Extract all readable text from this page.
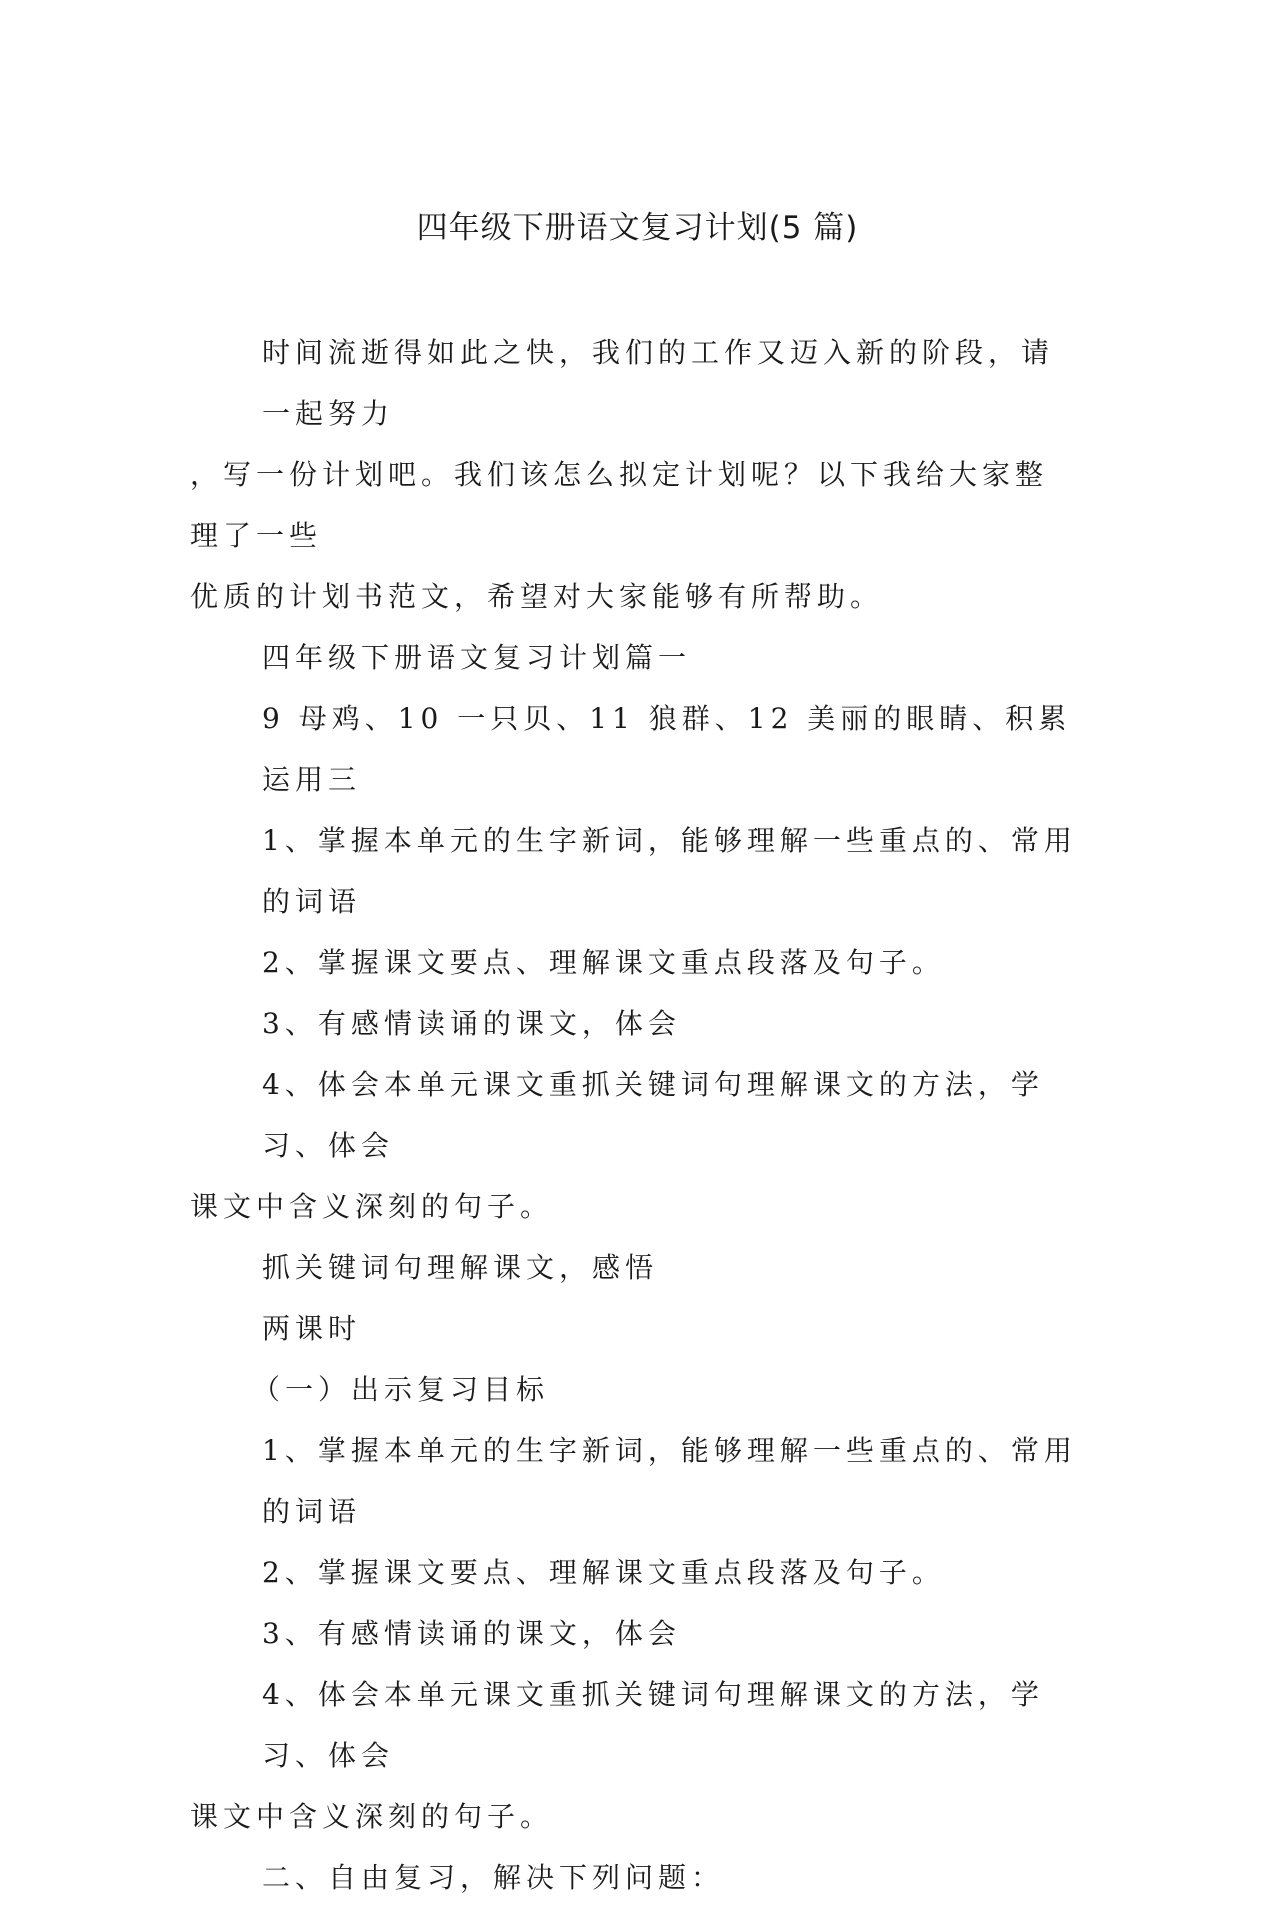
四年级下册语文复习计划(5 篇)

时间流逝得如此之快，我们的工作又迈入新的阶段，请一起努力

，写一份计划吧。我们该怎么拟定计划呢？以下我给大家整理了一些

优质的计划书范文，希望对大家能够有所帮助。

四年级下册语文复习计划篇一

9 母鸡、10 一只贝、11 狼群、12 美丽的眼睛、积累运用三

1、掌握本单元的生字新词，能够理解一些重点的、常用的词语

2、掌握课文要点、理解课文重点段落及句子。

3、有感情读诵的课文，体会

4、体会本单元课文重抓关键词句理解课文的方法，学习、体会

课文中含义深刻的句子。

抓关键词句理解课文，感悟

两课时

（一）出示复习目标

1、掌握本单元的生字新词，能够理解一些重点的、常用的词语

2、掌握课文要点、理解课文重点段落及句子。

3、有感情读诵的课文，体会

4、体会本单元课文重抓关键词句理解课文的方法，学习、体会

课文中含义深刻的句子。

二、自由复习，解决下列问题：
